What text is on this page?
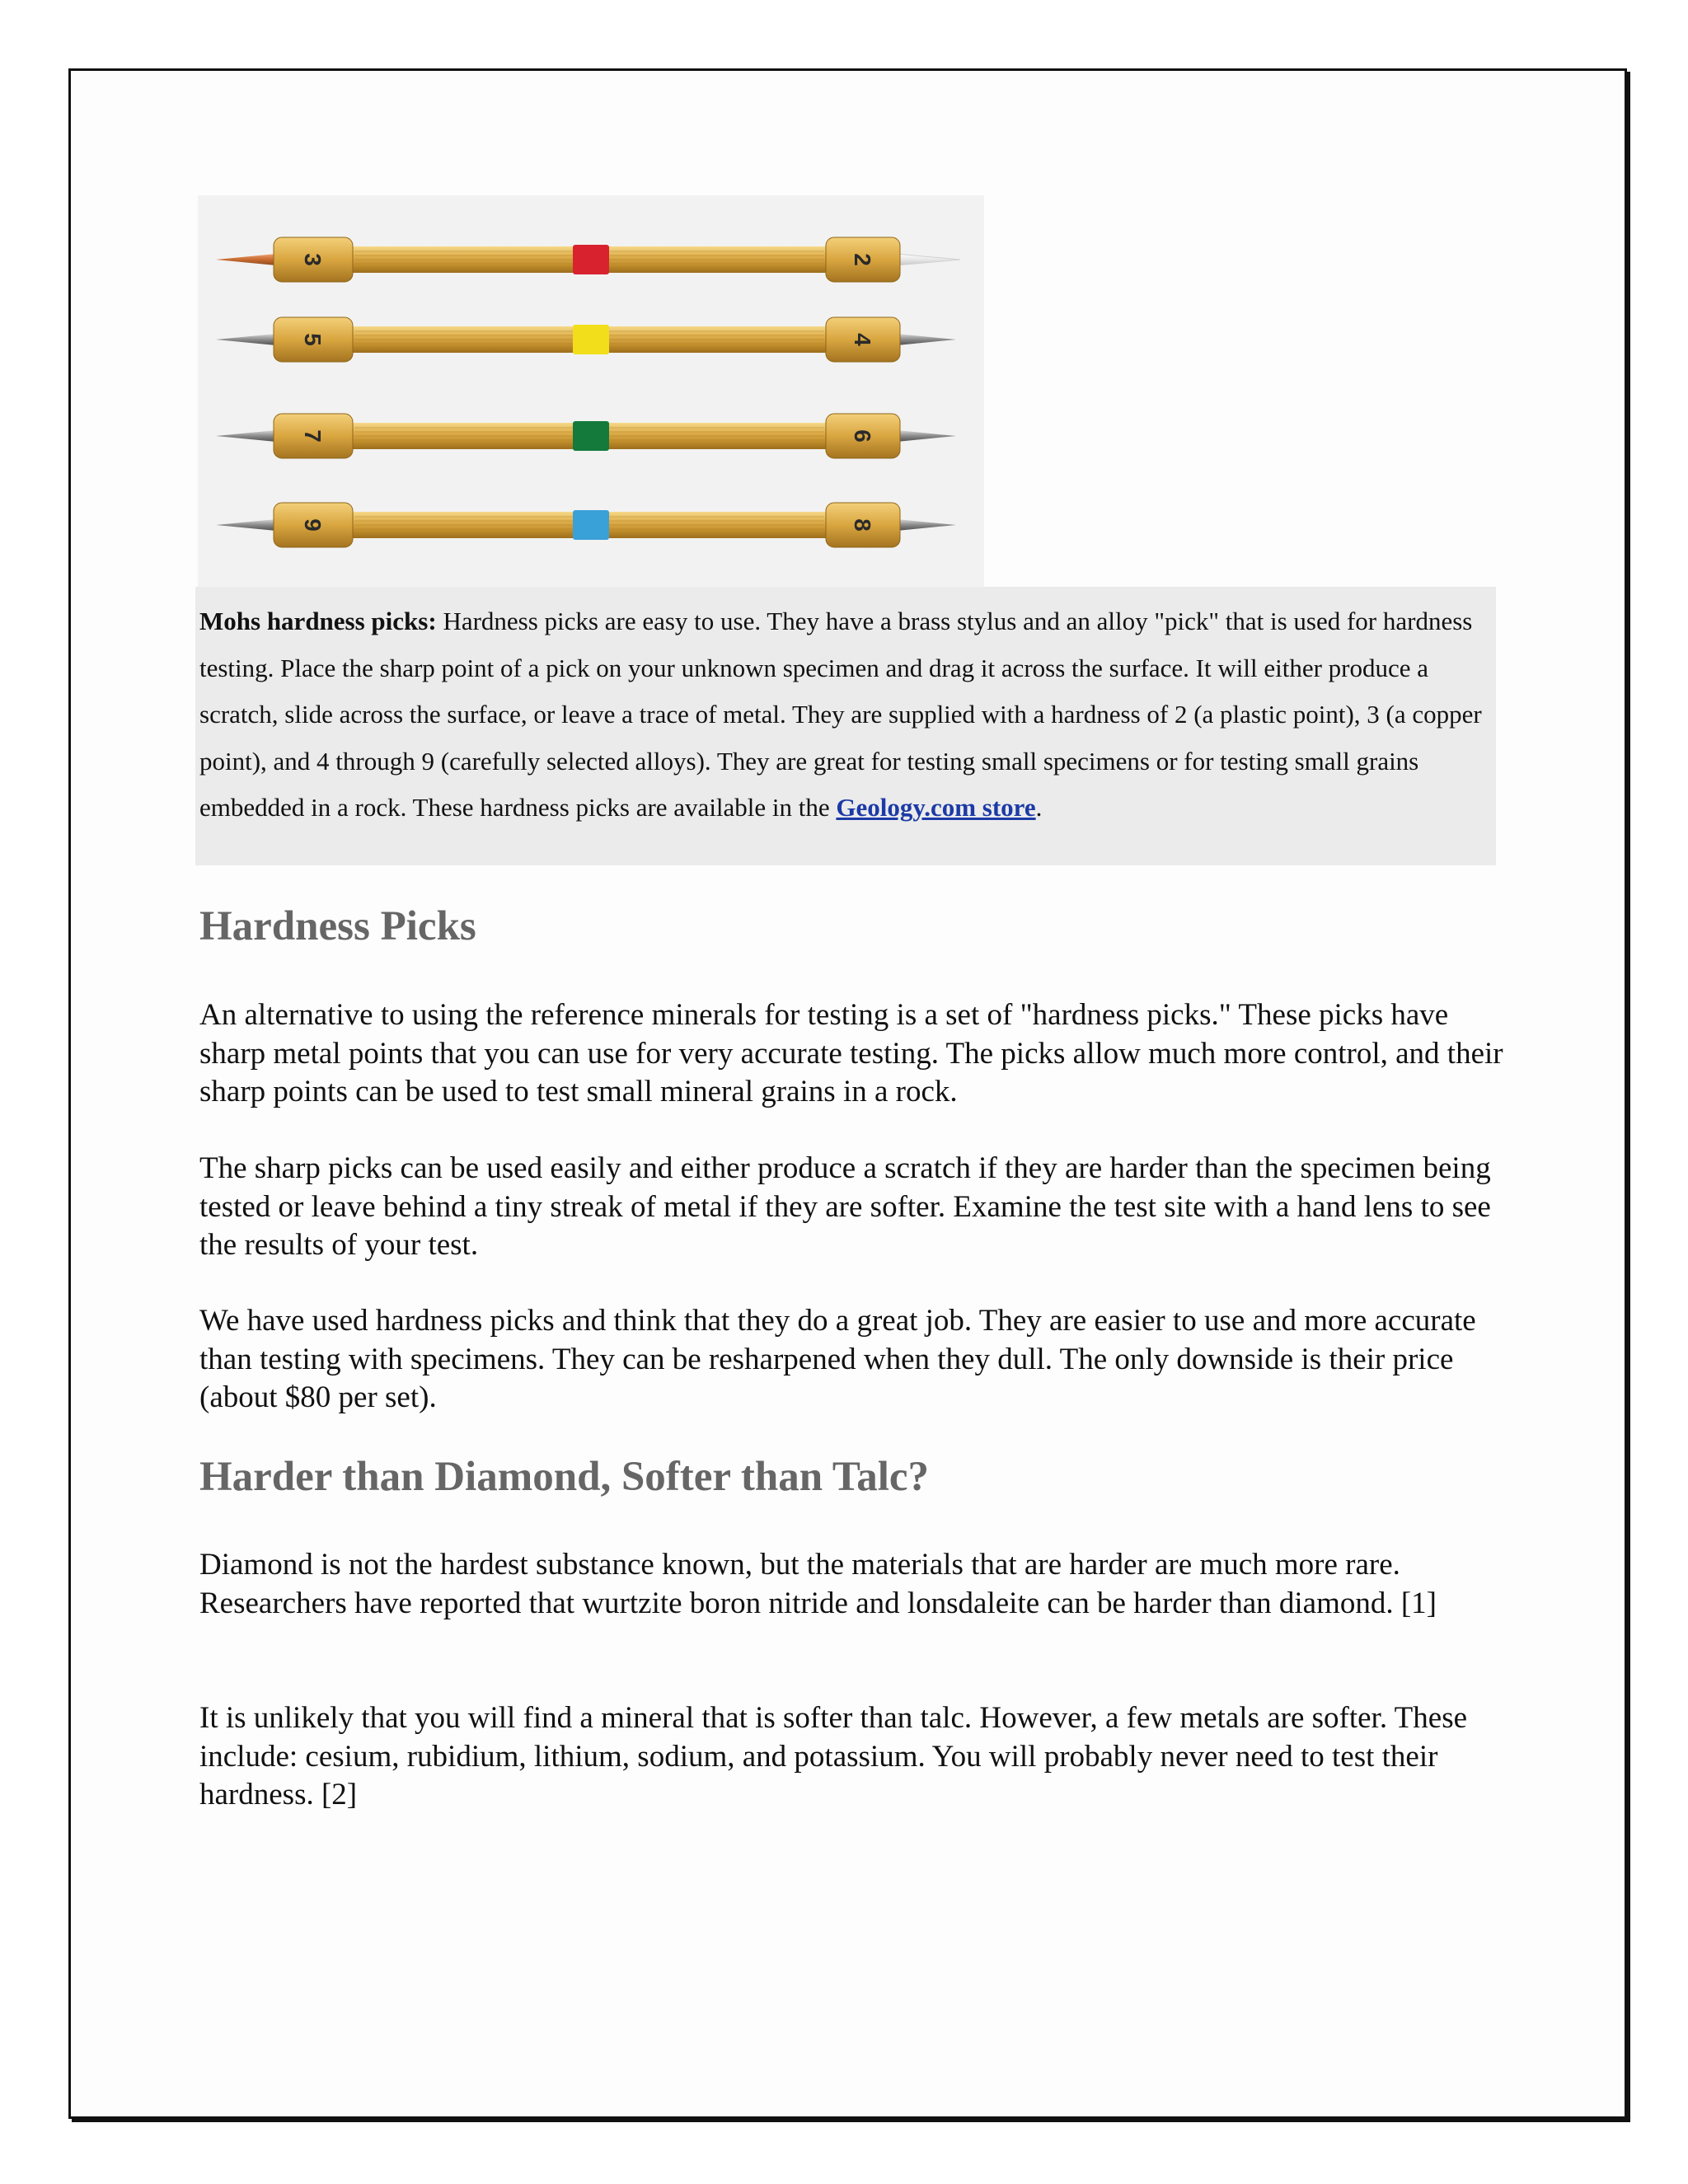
3	2
5	4
7	6
9	8
Mohs hardness picks: Hardness picks are easy to use. They have a brass stylus and an alloy "pick" that is used for hardness testing. Place the sharp point of a pick on your unknown specimen and drag it across the surface. It will either produce a scratch, slide across the surface, or leave a trace of metal. They are supplied with a hardness of 2 (a plastic point), 3 (a copper point), and 4 through 9 (carefully selected alloys). They are great for testing small specimens or for testing small grains embedded in a rock. These hardness picks are available in the Geology.com store.
Hardness Picks

An alternative to using the reference minerals for testing is a set of "hardness picks." These picks have sharp metal points that you can use for very accurate testing. The picks allow much more control, and their sharp points can be used to test small mineral grains in a rock.

The sharp picks can be used easily and either produce a scratch if they are harder than the specimen being tested or leave behind a tiny streak of metal if they are softer. Examine the test site with a hand lens to see the results of your test.

We have used hardness picks and think that they do a great job. They are easier to use and more accurate than testing with specimens. They can be resharpened when they dull. The only downside is their price (about $80 per set).

Harder than Diamond, Softer than Talc?

Diamond is not the hardest substance known, but the materials that are harder are much more rare. Researchers have reported that wurtzite boron nitride and lonsdaleite can be harder than diamond. [1]

It is unlikely that you will find a mineral that is softer than talc. However, a few metals are softer. These include: cesium, rubidium, lithium, sodium, and potassium. You will probably never need to test their hardness. [2]
